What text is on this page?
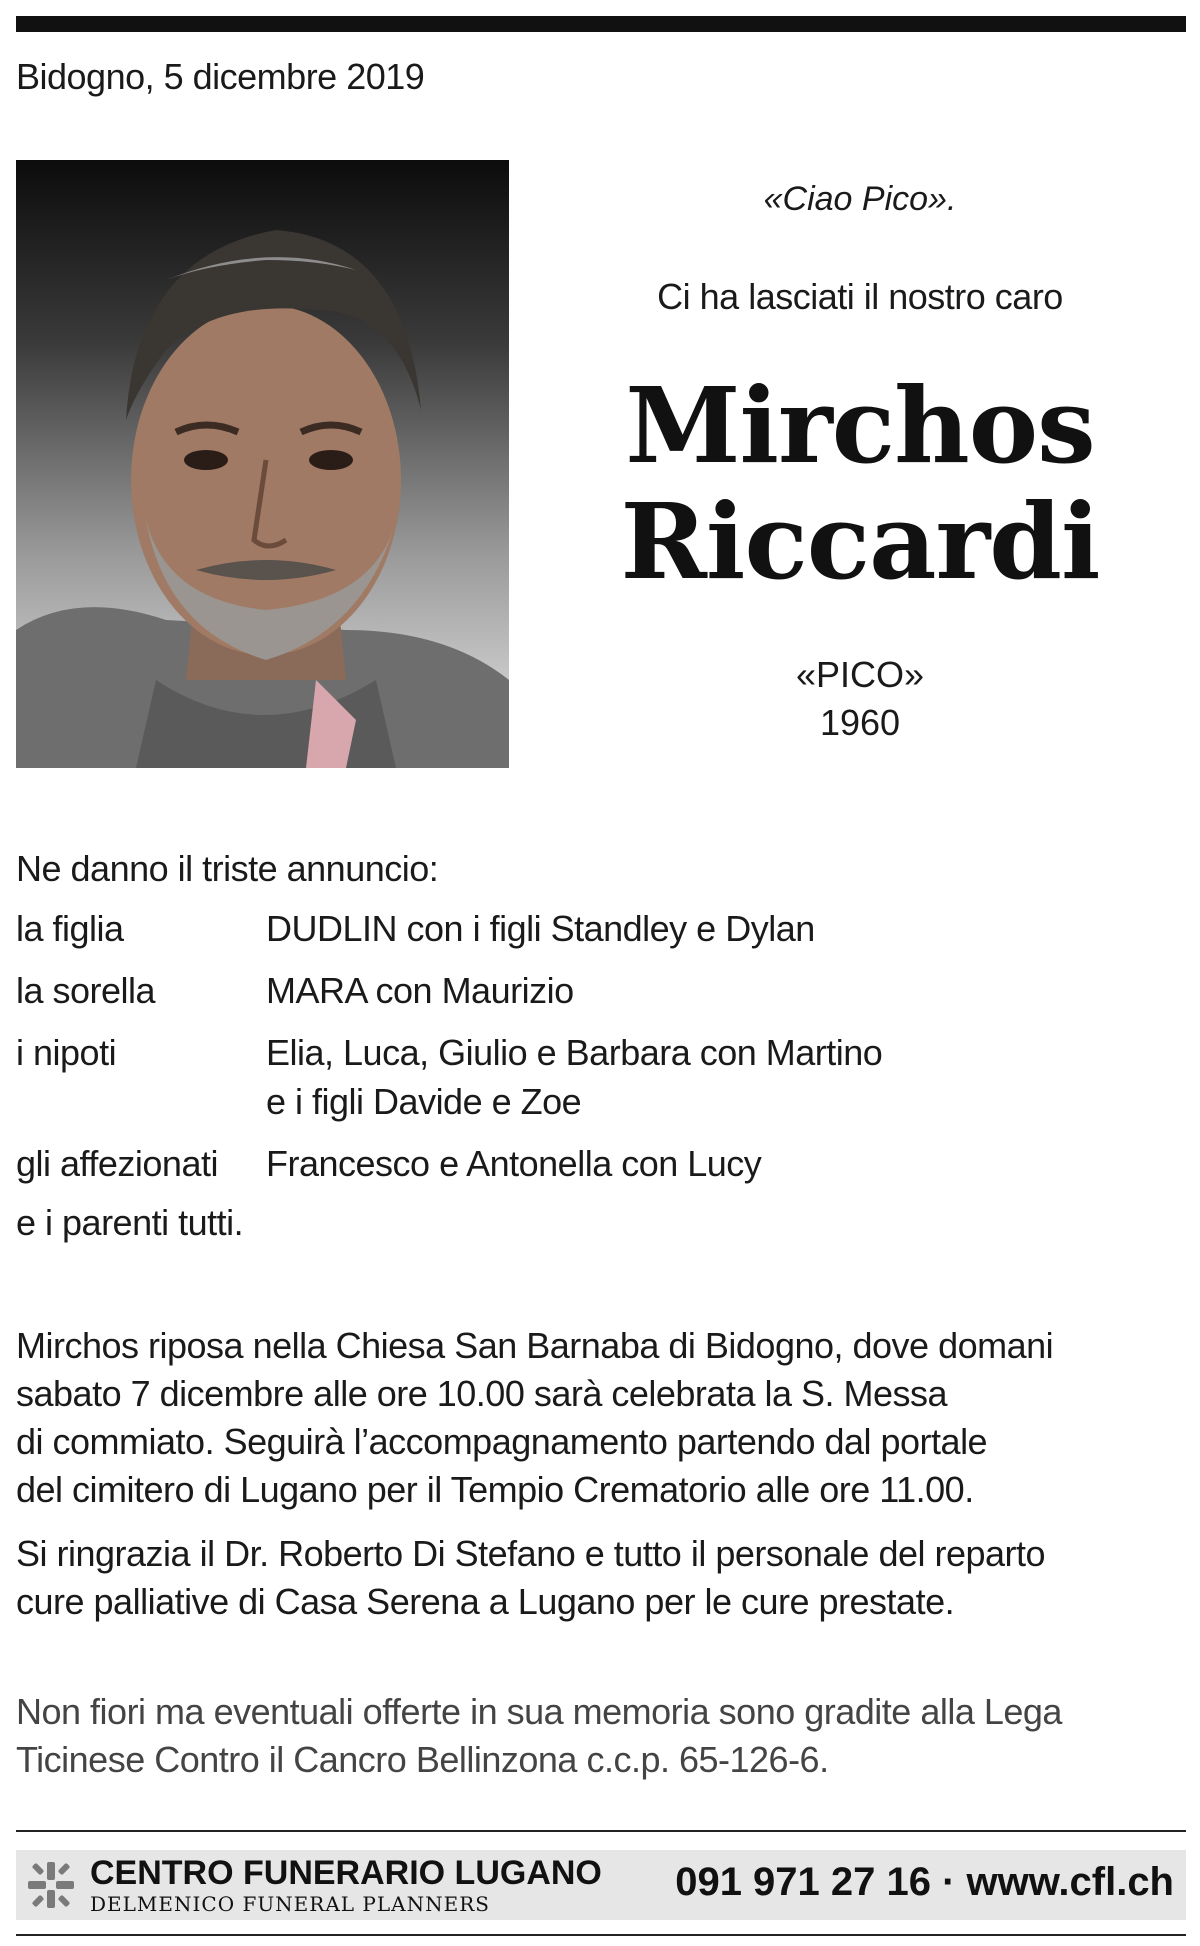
Bidogno, 5 dicembre 2019
«Ciao Pico».
Ci ha lasciati il nostro caro
Mirchos
Riccardi
«PICO»
1960
Ne danno il triste annuncio:
la figlia	DUDLIN con i figli Standley e Dylan
la sorella	MARA con Maurizio
i nipoti	Elia, Luca, Giulio e Barbara con Martino
e i figli Davide e Zoe
gli affezionati	Francesco e Antonella con Lucy
e i parenti tutti.
Mirchos riposa nella Chiesa San Barnaba di Bidogno, dove domani
sabato 7 dicembre alle ore 10.00 sarà celebrata la S. Messa
di commiato. Seguirà l’accompagnamento partendo dal portale
del cimitero di Lugano per il Tempio Crematorio alle ore 11.00.
Si ringrazia il Dr. Roberto Di Stefano e tutto il personale del reparto
cure palliative di Casa Serena a Lugano per le cure prestate.
Non fiori ma eventuali offerte in sua memoria sono gradite alla Lega
Ticinese Contro il Cancro Bellinzona c.c.p. 65-126-6.
CENTRO FUNERARIO LUGANO
DELMENICO FUNERAL PLANNERS	091 971 27 16 · www.cfl.ch
